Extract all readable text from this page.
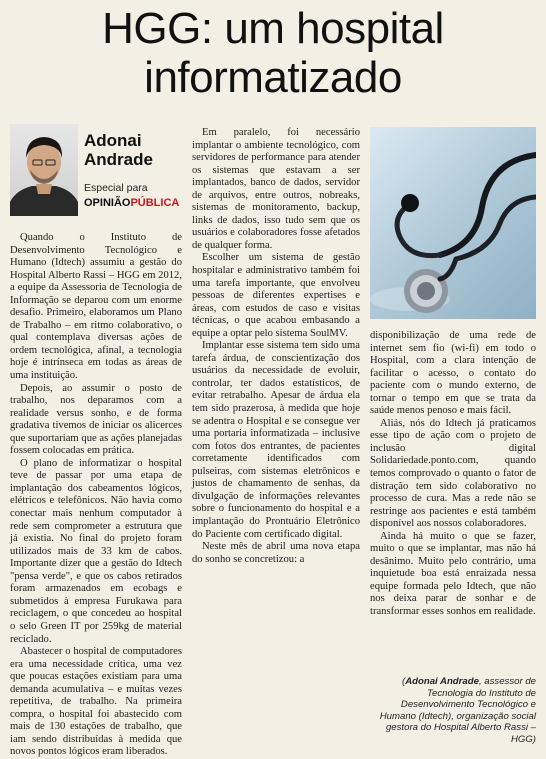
HGG: um hospital
informatizado
Adonai
Andrade
Especial para
OPINIÃOPÚBLICA

Quando o Instituto de Desenvolvimento Tecnológico e Humano (Idtech) assumiu a gestão do Hospital Alberto Rassi – HGG em 2012, a equipe da Assessoria de Tecnologia de Informação se deparou com um enorme desafio. Primeiro, elaboramos um Plano de Trabalho – em ritmo colaborativo, o qual contemplava diversas ações de ordem tecnológica, afinal, a tecnologia hoje é intrínseca em todas as áreas de uma instituição.

Depois, ao assumir o posto de trabalho, nos deparamos com a realidade versus sonho, e de forma gradativa tivemos de iniciar os alicerces que suportariam que as ações planejadas fossem colocadas em prática.

O plano de informatizar o hospital teve de passar por uma etapa de implantação dos cabeamentos lógicos, elétricos e telefônicos. Não havia como conectar mais nenhum computador à rede sem comprometer a estrutura que já existia. No final do projeto foram utilizados mais de 33 km de cabos. Importante dizer que a gestão do Idtech "pensa verde", e que os cabos retirados foram armazenados em ecobags e submetidos à empresa Furukawa para reciclagem, o que concedeu ao hospital o selo Green IT por 259kg de material reciclado.

Abastecer o hospital de computadores era uma necessidade crítica, uma vez que poucas estações existiam para uma demanda acumulativa – e muitas vezes repetitiva, de trabalho. Na primeira compra, o hospital foi abastecido com mais de 130 estações de trabalho, que iam sendo distribuídas à medida que novos pontos lógicos eram liberados.

Em paralelo, foi necessário implantar o ambiente tecnológico, com servidores de performance para atender os sistemas que estavam a ser implantados, banco de dados, servidor de arquivos, entre outros, nobreaks, sistemas de monitoramento, backup, links de dados, isso tudo sem que os usuários e colaboradores fosse afetados de qualquer forma.

Escolher um sistema de gestão hospitalar e administrativo também foi uma tarefa importante, que envolveu pessoas de diferentes expertises e áreas, com estudos de caso e visitas técnicas, o que acabou embasando a equipe a optar pelo sistema SoulMV.

Implantar esse sistema tem sido uma tarefa árdua, de conscientização dos usuários da necessidade de evoluir, controlar, ter dados estatísticos, de evitar retrabalho. Apesar de árdua ela tem sido prazerosa, à medida que hoje se adentra o Hospital e se consegue ver uma portaria informatizada – inclusive com fotos dos entrantes, de pacientes corretamente identificados com pulseiras, com sistemas eletrônicos e justos de chamamento de senhas, da divulgação de informações relevantes sobre o funcionamento do hospital e a implantação do Prontuário Eletrônico do Paciente com certificado digital.

Neste mês de abril uma nova etapa do sonho se concretizou: a

disponibilização de uma rede de internet sem fio (wi-fi) em todo o Hospital, com a clara intenção de facilitar o acesso, o contato do paciente com o mundo externo, de tornar o tempo em que se trata da saúde menos penoso e mais fácil.

Aliás, nós do Idtech já praticamos esse tipo de ação com o projeto de inclusão digital Solidariedade.ponto.com, quando temos comprovado o quanto o fator de distração tem sido colaborativo no processo de cura. Mas a rede não se restringe aos pacientes e está também disponível aos nossos colaboradores.

Ainda há muito o que se fazer, muito o que se implantar, mas não há desânimo. Muito pelo contrário, uma inquietude boa está enraizada nessa equipe formada pelo Idtech, que não nos deixa parar de sonhar e de transformar esses sonhos em realidade.

(Adonai Andrade, assessor de Tecnologia do Instituto de Desenvolvimento Tecnológico e Humano (Idtech), organização social gestora do Hospital Alberto Rassi – HGG)
